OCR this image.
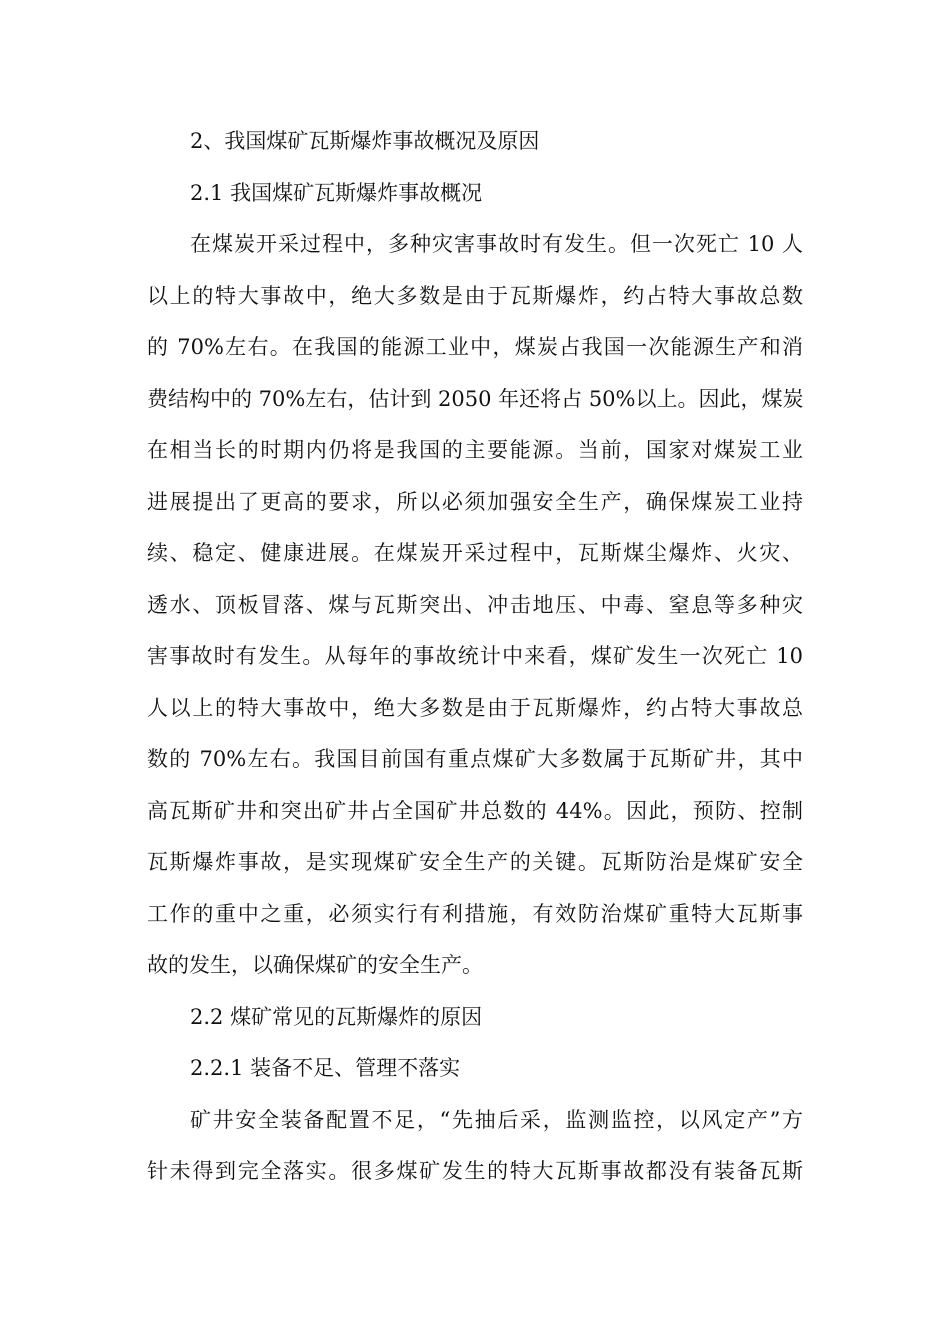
2、我国煤矿瓦斯爆炸事故概况及原因
2.1 我国煤矿瓦斯爆炸事故概况
在煤炭开采过程中，多种灾害事故时有发生。但一次死亡 10 人
以上的特大事故中，绝大多数是由于瓦斯爆炸，约占特大事故总数
的 70%左右。在我国的能源工业中，煤炭占我国一次能源生产和消
费结构中的 70%左右，估计到 2050 年还将占 50%以上。因此，煤炭
在相当长的时期内仍将是我国的主要能源。当前，国家对煤炭工业
进展提出了更高的要求，所以必须加强安全生产，确保煤炭工业持
续、稳定、健康进展。在煤炭开采过程中，瓦斯煤尘爆炸、火灾、
透水、顶板冒落、煤与瓦斯突出、冲击地压、中毒、窒息等多种灾
害事故时有发生。从每年的事故统计中来看，煤矿发生一次死亡 10
人以上的特大事故中，绝大多数是由于瓦斯爆炸，约占特大事故总
数的 70%左右。我国目前国有重点煤矿大多数属于瓦斯矿井，其中
高瓦斯矿井和突出矿井占全国矿井总数的 44%。因此，预防、控制
瓦斯爆炸事故，是实现煤矿安全生产的关键。瓦斯防治是煤矿安全
工作的重中之重，必须实行有利措施，有效防治煤矿重特大瓦斯事
故的发生，以确保煤矿的安全生产。
2.2 煤矿常见的瓦斯爆炸的原因
2.2.1 装备不足、管理不落实
矿井安全装备配置不足，“先抽后采，监测监控，以风定产”方
针未得到完全落实。很多煤矿发生的特大瓦斯事故都没有装备瓦斯
